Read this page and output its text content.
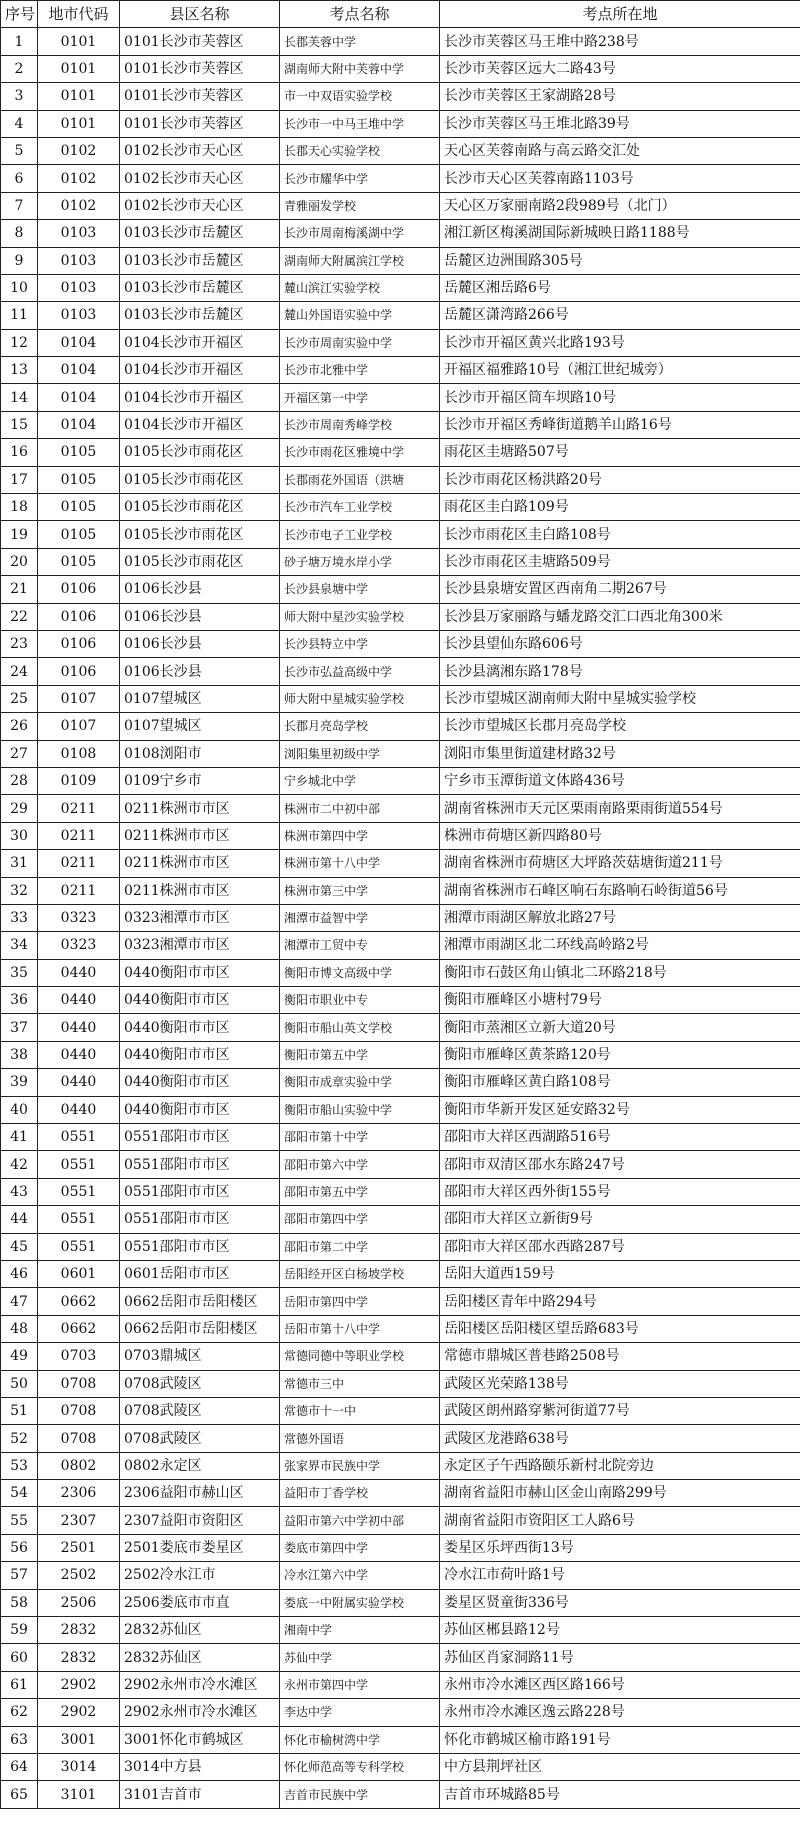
序号	地市代码	县区名称	考点名称	考点所在地
1	0101	0101长沙市芙蓉区	长郡芙蓉中学	长沙市芙蓉区马王堆中路238号
2	0101	0101长沙市芙蓉区	湖南师大附中芙蓉中学	长沙市芙蓉区远大二路43号
3	0101	0101长沙市芙蓉区	市一中双语实验学校	长沙市芙蓉区王家湖路28号
4	0101	0101长沙市芙蓉区	长沙市一中马王堆中学	长沙市芙蓉区马王堆北路39号
5	0102	0102长沙市天心区	长郡天心实验学校	天心区芙蓉南路与高云路交汇处
6	0102	0102长沙市天心区	长沙市耀华中学	长沙市天心区芙蓉南路1103号
7	0102	0102长沙市天心区	青雅丽发学校	天心区万家丽南路2段989号（北门）
8	0103	0103长沙市岳麓区	长沙市周南梅溪湖中学	湘江新区梅溪湖国际新城映日路1188号
9	0103	0103长沙市岳麓区	湖南师大附属滨江学校	岳麓区边洲围路305号
10	0103	0103长沙市岳麓区	麓山滨江实验学校	岳麓区湘岳路6号
11	0103	0103长沙市岳麓区	麓山外国语实验中学	岳麓区潇湾路266号
12	0104	0104长沙市开福区	长沙市周南实验中学	长沙市开福区黄兴北路193号
13	0104	0104长沙市开福区	长沙市北雅中学	开福区福雅路10号（湘江世纪城旁）
14	0104	0104长沙市开福区	开福区第一中学	长沙市开福区筒车坝路10号
15	0104	0104长沙市开福区	长沙市周南秀峰学校	长沙市开福区秀峰街道鹅羊山路16号
16	0105	0105长沙市雨花区	长沙市雨花区雅境中学	雨花区圭塘路507号
17	0105	0105长沙市雨花区	长郡雨花外国语（洪塘	长沙市雨花区杨洪路20号
18	0105	0105长沙市雨花区	长沙市汽车工业学校	雨花区圭白路109号
19	0105	0105长沙市雨花区	长沙市电子工业学校	长沙市雨花区圭白路108号
20	0105	0105长沙市雨花区	砂子塘万境水岸小学	长沙市雨花区圭塘路509号
21	0106	0106长沙县	长沙县泉塘中学	长沙县泉塘安置区西南角二期267号
22	0106	0106长沙县	师大附中星沙实验学校	长沙县万家丽路与蟠龙路交汇口西北角300米
23	0106	0106长沙县	长沙县特立中学	长沙县望仙东路606号
24	0106	0106长沙县	长沙市弘益高级中学	长沙县漓湘东路178号
25	0107	0107望城区	师大附中星城实验学校	长沙市望城区湖南师大附中星城实验学校
26	0107	0107望城区	长郡月亮岛学校	长沙市望城区长郡月亮岛学校
27	0108	0108浏阳市	浏阳集里初级中学	浏阳市集里街道建材路32号
28	0109	0109宁乡市	宁乡城北中学	宁乡市玉潭街道文体路436号
29	0211	0211株洲市市区	株洲市二中初中部	湖南省株洲市天元区栗雨南路栗雨街道554号
30	0211	0211株洲市市区	株洲市第四中学	株洲市荷塘区新四路80号
31	0211	0211株洲市市区	株洲市第十八中学	湖南省株洲市荷塘区大坪路茨菇塘街道211号
32	0211	0211株洲市市区	株洲市第三中学	湖南省株洲市石峰区响石东路响石岭街道56号
33	0323	0323湘潭市市区	湘潭市益智中学	湘潭市雨湖区解放北路27号
34	0323	0323湘潭市市区	湘潭市工贸中专	湘潭市雨湖区北二环线高岭路2号
35	0440	0440衡阳市市区	衡阳市博文高级中学	衡阳市石鼓区角山镇北二环路218号
36	0440	0440衡阳市市区	衡阳市职业中专	衡阳市雁峰区小塘村79号
37	0440	0440衡阳市市区	衡阳市船山英文学校	衡阳市蒸湘区立新大道20号
38	0440	0440衡阳市市区	衡阳市第五中学	衡阳市雁峰区黄茶路120号
39	0440	0440衡阳市市区	衡阳市成章实验中学	衡阳市雁峰区黄白路108号
40	0440	0440衡阳市市区	衡阳市船山实验中学	衡阳市华新开发区延安路32号
41	0551	0551邵阳市市区	邵阳市第十中学	邵阳市大祥区西湖路516号
42	0551	0551邵阳市市区	邵阳市第六中学	邵阳市双清区邵水东路247号
43	0551	0551邵阳市市区	邵阳市第五中学	邵阳市大祥区西外街155号
44	0551	0551邵阳市市区	邵阳市第四中学	邵阳市大祥区立新街9号
45	0551	0551邵阳市市区	邵阳市第二中学	邵阳市大祥区邵水西路287号
46	0601	0601岳阳市市区	岳阳经开区白杨坡学校	岳阳大道西159号
47	0662	0662岳阳市岳阳楼区	岳阳市第四中学	岳阳楼区青年中路294号
48	0662	0662岳阳市岳阳楼区	岳阳市第十八中学	岳阳楼区岳阳楼区望岳路683号
49	0703	0703鼎城区	常德同德中等职业学校	常德市鼎城区普巷路2508号
50	0708	0708武陵区	常德市三中	武陵区光荣路138号
51	0708	0708武陵区	常德市十一中	武陵区朗州路穿紫河街道77号
52	0708	0708武陵区	常德外国语	武陵区龙港路638号
53	0802	0802永定区	张家界市民族中学	永定区子午西路颐乐新村北院旁边
54	2306	2306益阳市赫山区	益阳市丁香学校	湖南省益阳市赫山区金山南路299号
55	2307	2307益阳市资阳区	益阳市第六中学初中部	湖南省益阳市资阳区工人路6号
56	2501	2501娄底市娄星区	娄底市第四中学	娄星区乐坪西街13号
57	2502	2502冷水江市	冷水江第六中学	冷水江市荷叶路1号
58	2506	2506娄底市市直	娄底一中附属实验学校	娄星区贤童街336号
59	2832	2832苏仙区	湘南中学	苏仙区郴县路12号
60	2832	2832苏仙区	苏仙中学	苏仙区肖家洞路11号
61	2902	2902永州市冷水滩区	永州市第四中学	永州市冷水滩区西区路166号
62	2902	2902永州市冷水滩区	李达中学	永州市冷水滩区逸云路228号
63	3001	3001怀化市鹤城区	怀化市榆树湾中学	怀化市鹤城区榆市路191号
64	3014	3014中方县	怀化师范高等专科学校	中方县荆坪社区
65	3101	3101吉首市	吉首市民族中学	吉首市环城路85号
